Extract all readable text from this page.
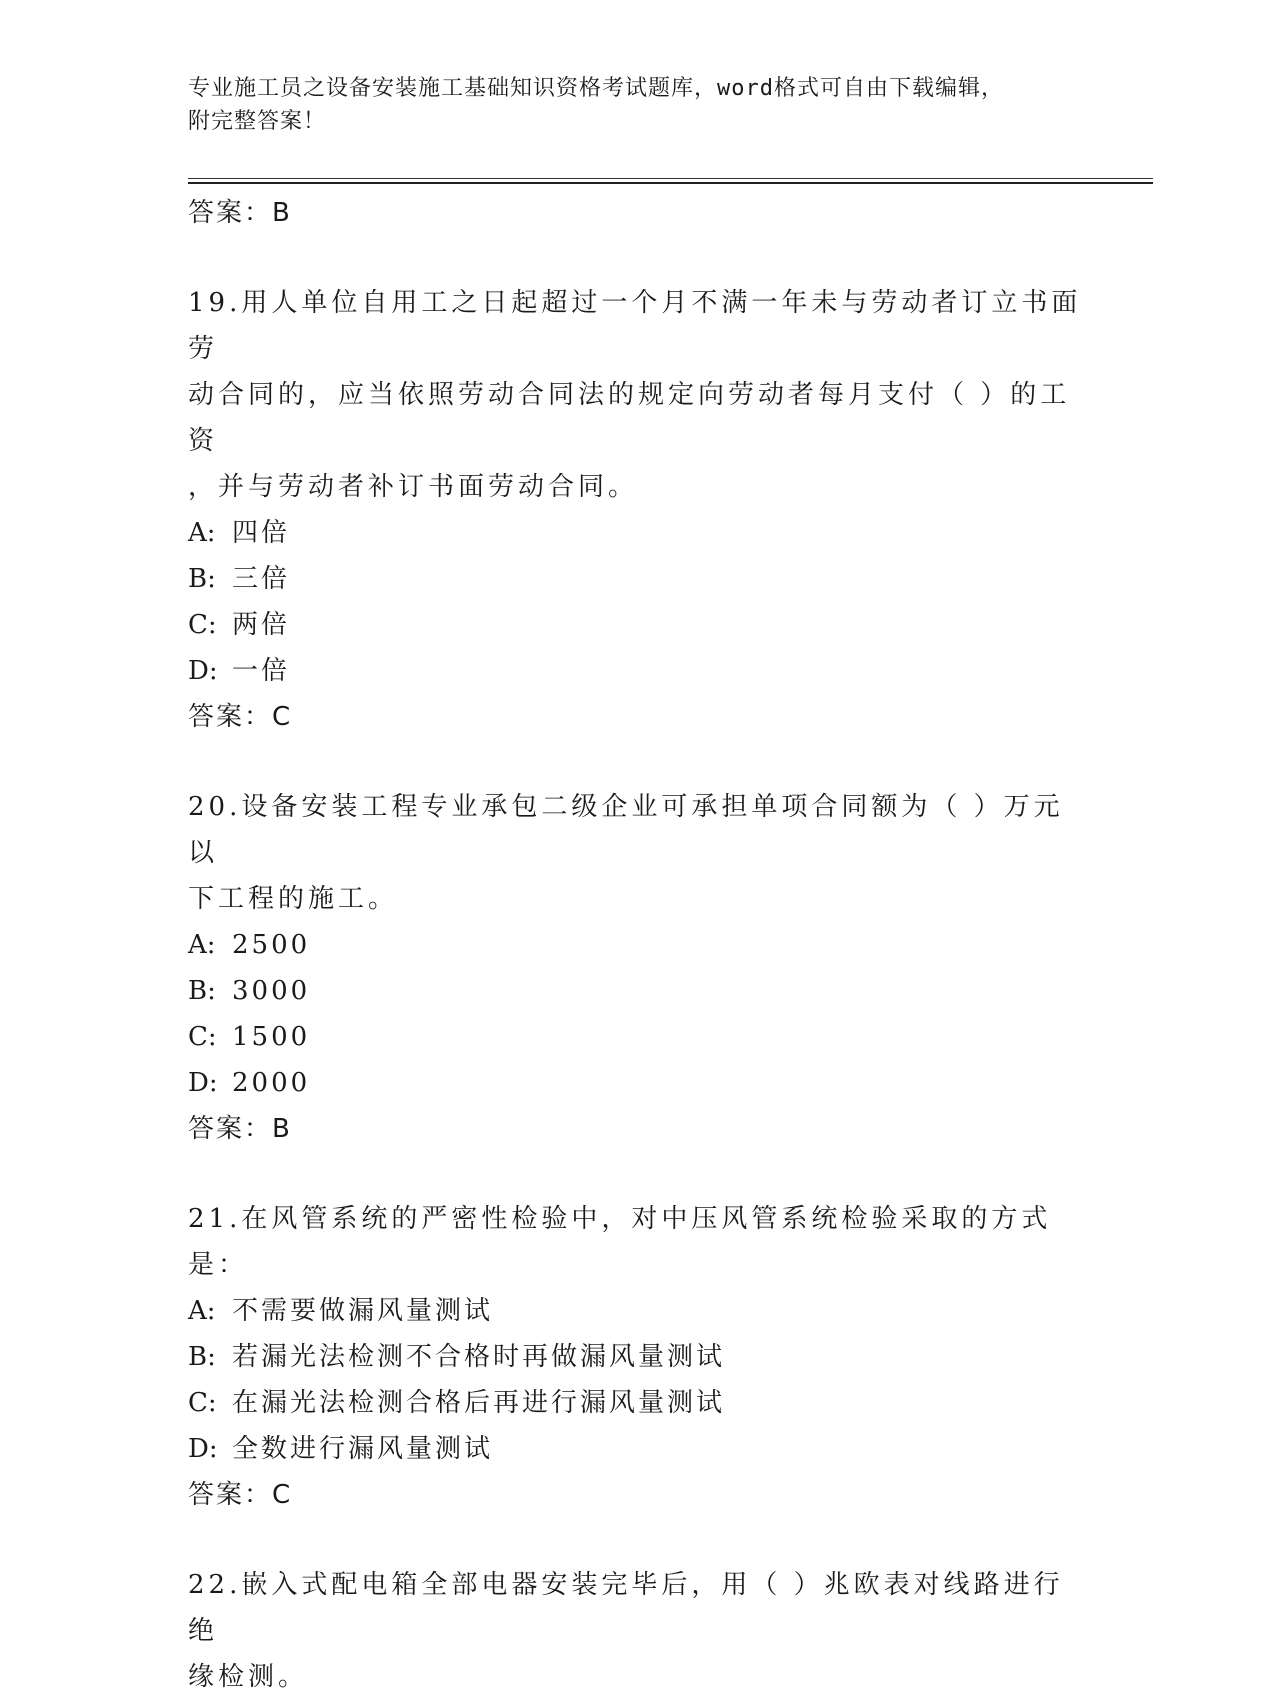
专业施工员之设备安装施工基础知识资格考试题库，word格式可自由下载编辑，
附完整答案！
答案：B
19.用人单位自用工之日起超过一个月不满一年未与劳动者订立书面劳
动合同的，应当依照劳动合同法的规定向劳动者每月支付（ ）的工资
，并与劳动者补订书面劳动合同。
A: 四倍
B: 三倍
C: 两倍
D: 一倍
答案：C
20.设备安装工程专业承包二级企业可承担单项合同额为（ ）万元以
下工程的施工。
A: 2500
B: 3000
C: 1500
D: 2000
答案：B
21.在风管系统的严密性检验中，对中压风管系统检验采取的方式是：
A: 不需要做漏风量测试
B: 若漏光法检测不合格时再做漏风量测试
C: 在漏光法检测合格后再进行漏风量测试
D: 全数进行漏风量测试
答案：C
22.嵌入式配电箱全部电器安装完毕后，用（ ）兆欧表对线路进行绝
缘检测。
